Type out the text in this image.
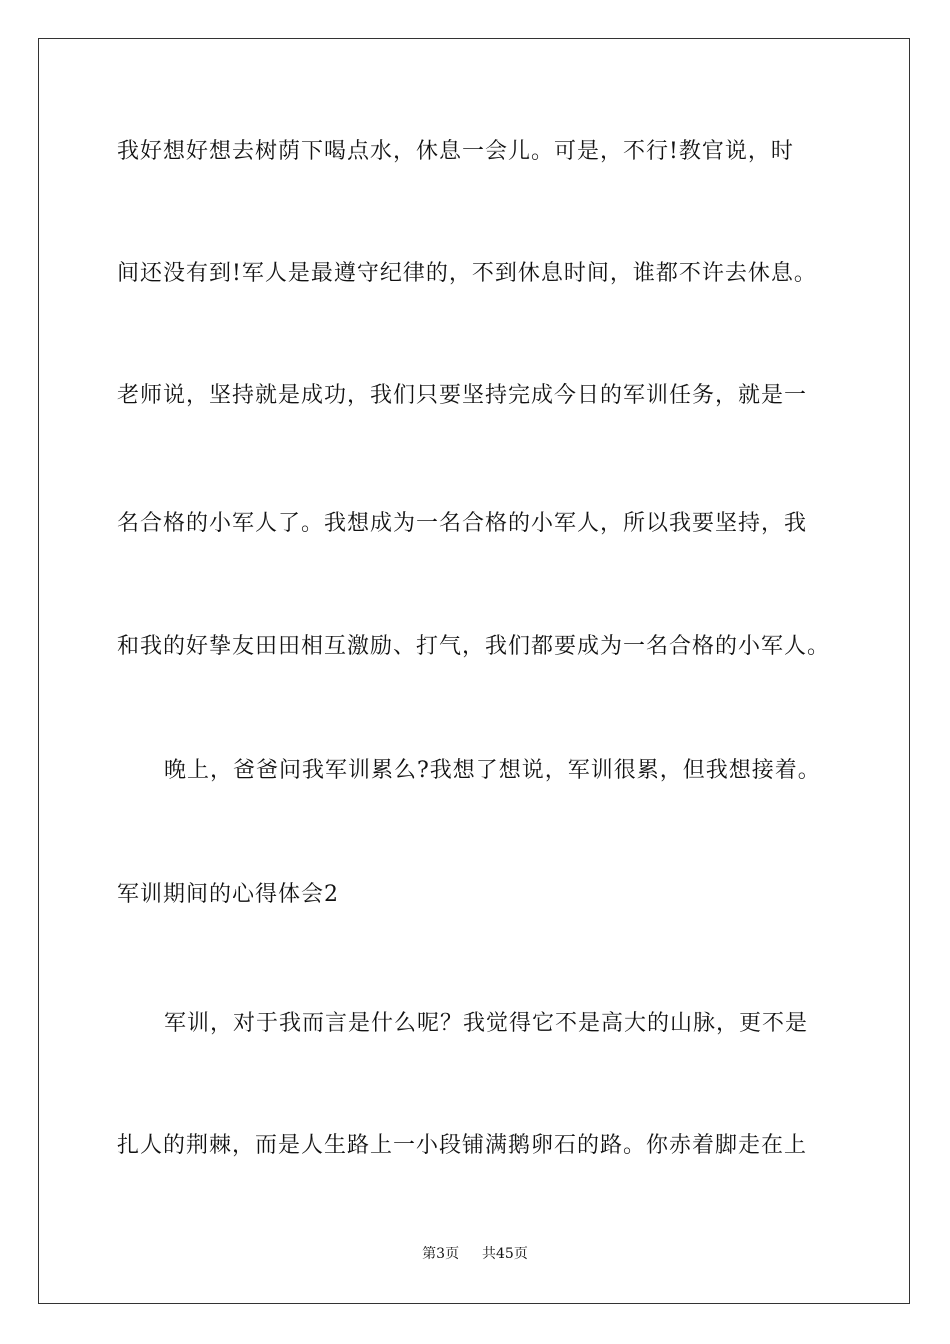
我好想好想去树荫下喝点水，休息一会儿。可是，不行!教官说，时
间还没有到!军人是最遵守纪律的，不到休息时间，谁都不许去休息。
老师说，坚持就是成功，我们只要坚持完成今日的军训任务，就是一
名合格的小军人了。我想成为一名合格的小军人，所以我要坚持，我
和我的好挚友田田相互激励、打气，我们都要成为一名合格的小军人。
晚上，爸爸问我军训累么?我想了想说，军训很累，但我想接着。
军训期间的心得体会2
军训，对于我而言是什么呢？我觉得它不是高大的山脉，更不是
扎人的荆棘，而是人生路上一小段铺满鹅卵石的路。你赤着脚走在上
第3页 共45页
